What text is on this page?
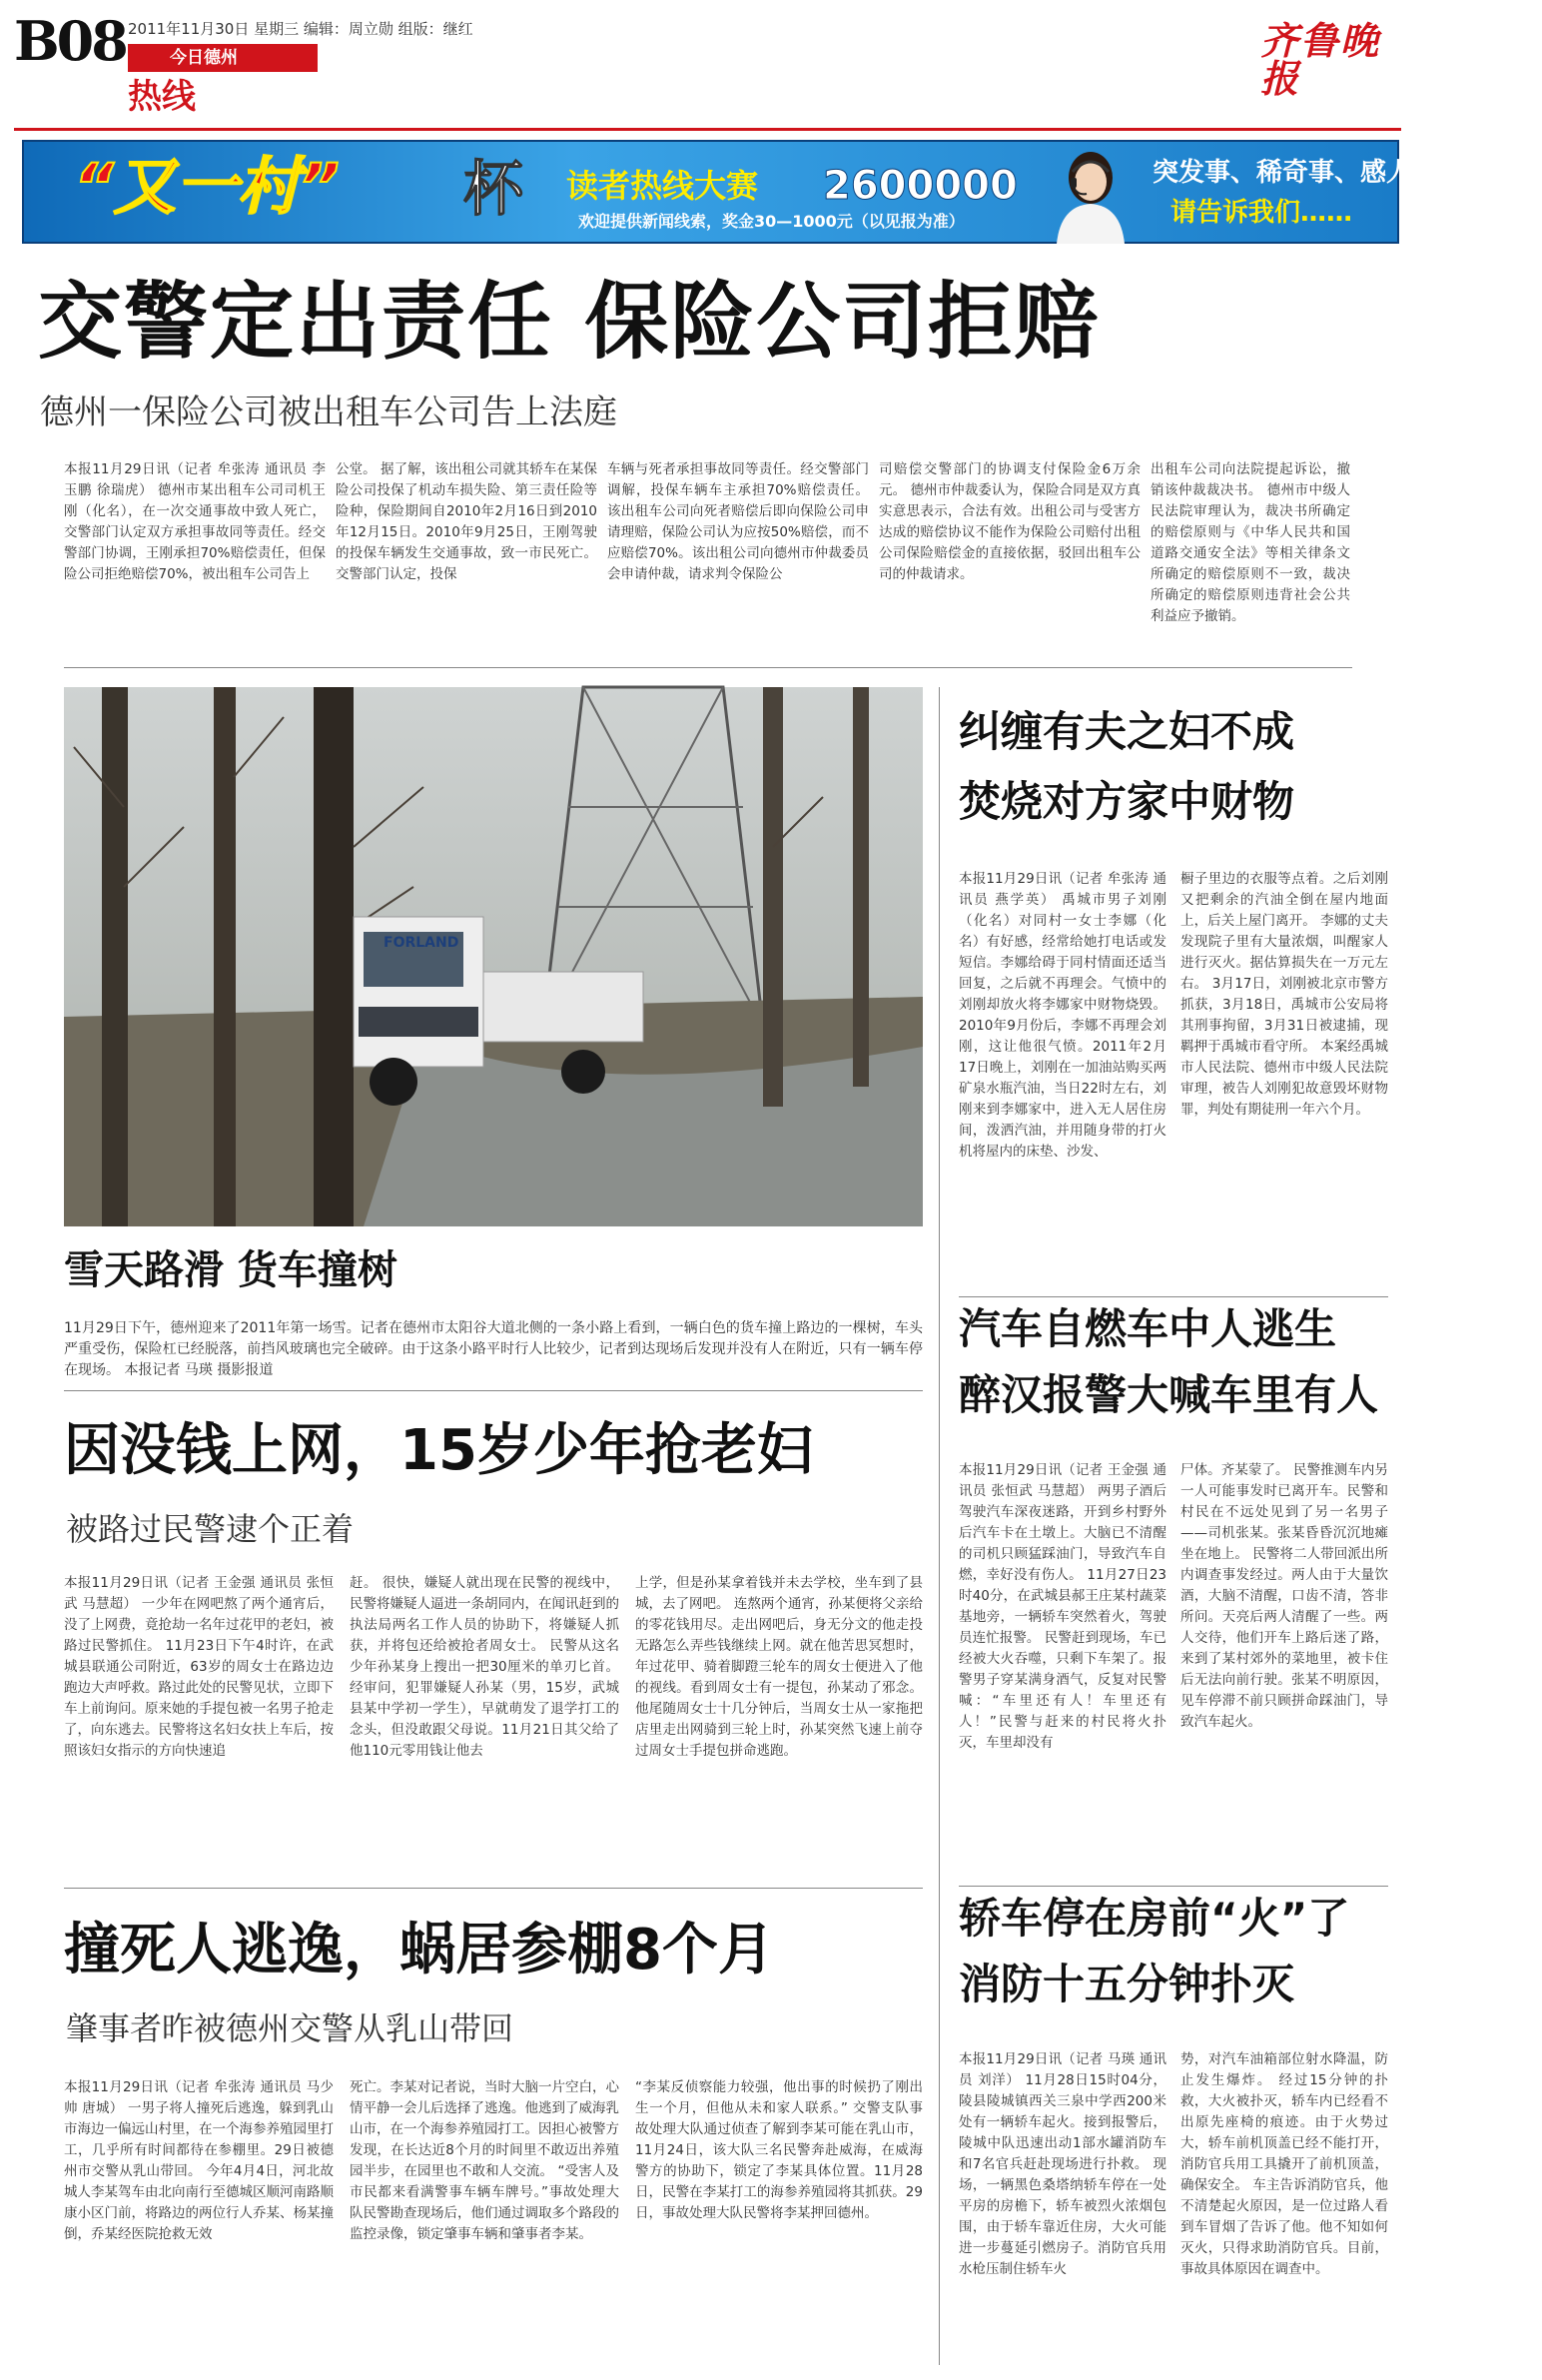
B08 2011年11月30日 星期三 编辑：周立勋 组版：继红
今日德州
热线
齐鲁晚报
“又一村” 杯 读者热线大赛 2600000
欢迎提供新闻线索，奖金30—1000元（以见报为准）
突发事、稀奇事、感人事、新鲜事
请告诉我们……
交警定出责任 保险公司拒赔
德州一保险公司被出租车公司告上法庭
本报11月29日讯（记者 牟张涛 通讯员 李玉鹏 徐瑞虎） 德州市某出租车公司司机王刚（化名），在一次交通事故中致人死亡，交警部门认定双方承担事故同等责任。经交警部门协调，王刚承担70%赔偿责任，但保险公司拒绝赔偿70%，被出租车公司告上
公堂。 据了解，该出租公司就其轿车在某保险公司投保了机动车损失险、第三责任险等险种，保险期间自2010年2月16日到2010年12月15日。2010年9月25日，王刚驾驶的投保车辆发生交通事故，致一市民死亡。交警部门认定，投保
车辆与死者承担事故同等责任。经交警部门调解，投保车辆车主承担70%赔偿责任。 该出租车公司向死者赔偿后即向保险公司申请理赔，保险公司认为应按50%赔偿，而不应赔偿70%。该出租公司向德州市仲裁委员会申请仲裁，请求判令保险公
司赔偿交警部门的协调支付保险金6万余元。 德州市仲裁委认为，保险合同是双方真实意思表示，合法有效。出租公司与受害方达成的赔偿协议不能作为保险公司赔付出租公司保险赔偿金的直接依据，驳回出租车公司的仲裁请求。
出租车公司向法院提起诉讼，撤销该仲裁裁决书。 德州市中级人民法院审理认为，裁决书所确定的赔偿原则与《中华人民共和国道路交通安全法》等相关律条文所确定的赔偿原则不一致，裁决所确定的赔偿原则违背社会公共利益应予撤销。
FORLAND
雪天路滑 货车撞树
11月29日下午，德州迎来了2011年第一场雪。记者在德州市太阳谷大道北侧的一条小路上看到，一辆白色的货车撞上路边的一棵树，车头严重受伤，保险杠已经脱落，前挡风玻璃也完全破碎。由于这条小路平时行人比较少，记者到达现场后发现并没有人在附近，只有一辆车停在现场。 本报记者 马瑛 摄影报道
因没钱上网，15岁少年抢老妇
被路过民警逮个正着
本报11月29日讯（记者 王金强 通讯员 张恒武 马慧超） 一少年在网吧熬了两个通宵后，没了上网费，竟抢劫一名年过花甲的老妇，被路过民警抓住。 11月23日下午4时许，在武城县联通公司附近，63岁的周女士在路边边跑边大声呼救。路过此处的民警见状，立即下车上前询问。原来她的手提包被一名男子抢走了，向东逃去。民警将这名妇女扶上车后，按照该妇女指示的方向快速追
赶。 很快，嫌疑人就出现在民警的视线中，民警将嫌疑人逼进一条胡同内，在闻讯赶到的执法局两名工作人员的协助下，将嫌疑人抓获，并将包还给被抢者周女士。 民警从这名少年孙某身上搜出一把30厘米的单刃匕首。经审问，犯罪嫌疑人孙某（男，15岁，武城县某中学初一学生），早就萌发了退学打工的念头，但没敢跟父母说。11月21日其父给了他110元零用钱让他去
上学，但是孙某拿着钱并未去学校，坐车到了县城，去了网吧。 连熬两个通宵，孙某便将父亲给的零花钱用尽。走出网吧后，身无分文的他走投无路怎么弄些钱继续上网。就在他苦思冥想时，年过花甲、骑着脚蹬三轮车的周女士便进入了他的视线。看到周女士有一提包，孙某动了邪念。他尾随周女士十几分钟后，当周女士从一家拖把店里走出网骑到三轮上时，孙某突然飞速上前夺过周女士手提包拼命逃跑。
撞死人逃逸，蜗居参棚8个月
肇事者昨被德州交警从乳山带回
本报11月29日讯（记者 牟张涛 通讯员 马少帅 唐城） 一男子将人撞死后逃逸，躲到乳山市海边一偏远山村里，在一个海参养殖园里打工，几乎所有时间都待在参棚里。29日被德州市交警从乳山带回。 今年4月4日，河北故城人李某驾车由北向南行至德城区顺河南路顺康小区门前，将路边的两位行人乔某、杨某撞倒，乔某经医院抢救无效
死亡。李某对记者说，当时大脑一片空白，心情平静一会儿后选择了逃逸。他逃到了威海乳山市，在一个海参养殖园打工。因担心被警方发现，在长达近8个月的时间里不敢迈出养殖园半步，在园里也不敢和人交流。 “受害人及市民都来看满警事车辆车牌号。”事故处理大队民警勘查现场后，他们通过调取多个路段的监控录像，锁定肇事车辆和肇事者李某。
“李某反侦察能力较强，他出事的时候扔了刚出生一个月，但他从未和家人联系。” 交警支队事故处理大队通过侦查了解到李某可能在乳山市，11月24日，该大队三名民警奔赴威海，在威海警方的协助下，锁定了李某具体位置。11月28日，民警在李某打工的海参养殖园将其抓获。29日，事故处理大队民警将李某押回德州。
纠缠有夫之妇不成
焚烧对方家中财物
本报11月29日讯（记者 牟张涛 通讯员 燕学英） 禹城市男子刘刚（化名）对同村一女士李娜（化名）有好感，经常给她打电话或发短信。李娜给碍于同村情面还适当回复，之后就不再理会。气愤中的刘刚却放火将李娜家中财物烧毁。 2010年9月份后，李娜不再理会刘刚，这让他很气愤。2011年2月17日晚上，刘刚在一加油站购买两矿泉水瓶汽油，当日22时左右，刘刚来到李娜家中，进入无人居住房间，泼洒汽油，并用随身带的打火机将屋内的床垫、沙发、
橱子里边的衣服等点着。之后刘刚又把剩余的汽油全倒在屋内地面上，后关上屋门离开。 李娜的丈夫发现院子里有大量浓烟，叫醒家人进行灭火。据估算损失在一万元左右。 3月17日，刘刚被北京市警方抓获，3月18日，禹城市公安局将其刑事拘留，3月31日被逮捕，现羁押于禹城市看守所。 本案经禹城市人民法院、德州市中级人民法院审理，被告人刘刚犯故意毁坏财物罪，判处有期徒刑一年六个月。
汽车自燃车中人逃生
醉汉报警大喊车里有人
本报11月29日讯（记者 王金强 通讯员 张恒武 马慧超） 两男子酒后驾驶汽车深夜迷路，开到乡村野外后汽车卡在土墩上。大脑已不清醒的司机只顾猛踩油门，导致汽车自燃，幸好没有伤人。 11月27日23时40分，在武城县郝王庄某村蔬菜基地旁，一辆轿车突然着火，驾驶员连忙报警。 民警赶到现场，车已经被大火吞噬，只剩下车架了。报警男子穿某满身酒气，反复对民警喊：“车里还有人！车里还有人！”民警与赶来的村民将火扑灭，车里却没有
尸体。齐某蒙了。 民警推测车内另一人可能事发时已离开车。民警和村民在不远处见到了另一名男子——司机张某。张某昏昏沉沉地瘫坐在地上。 民警将二人带回派出所内调查事发经过。两人由于大量饮酒，大脑不清醒，口齿不清，答非所问。天亮后两人清醒了一些。两人交待，他们开车上路后迷了路，来到了某村郊外的菜地里，被卡住后无法向前行驶。张某不明原因，见车停滞不前只顾拼命踩油门，导致汽车起火。
轿车停在房前“火”了
消防十五分钟扑灭
本报11月29日讯（记者 马瑛 通讯员 刘洋） 11月28日15时04分，陵县陵城镇西关三泉中学西200米处有一辆轿车起火。接到报警后，陵城中队迅速出动1部水罐消防车和7名官兵赶赴现场进行扑救。 现场，一辆黑色桑塔纳轿车停在一处平房的房檐下，轿车被烈火浓烟包围，由于轿车靠近住房，大火可能进一步蔓延引燃房子。消防官兵用水枪压制住轿车火
势，对汽车油箱部位射水降温，防止发生爆炸。 经过15分钟的扑救，大火被扑灭，轿车内已经看不出原先座椅的痕迹。由于火势过大，轿车前机顶盖已经不能打开，消防官兵用工具撬开了前机顶盖，确保安全。 车主告诉消防官兵，他不清楚起火原因，是一位过路人看到车冒烟了告诉了他。他不知如何灭火，只得求助消防官兵。目前，事故具体原因在调查中。
